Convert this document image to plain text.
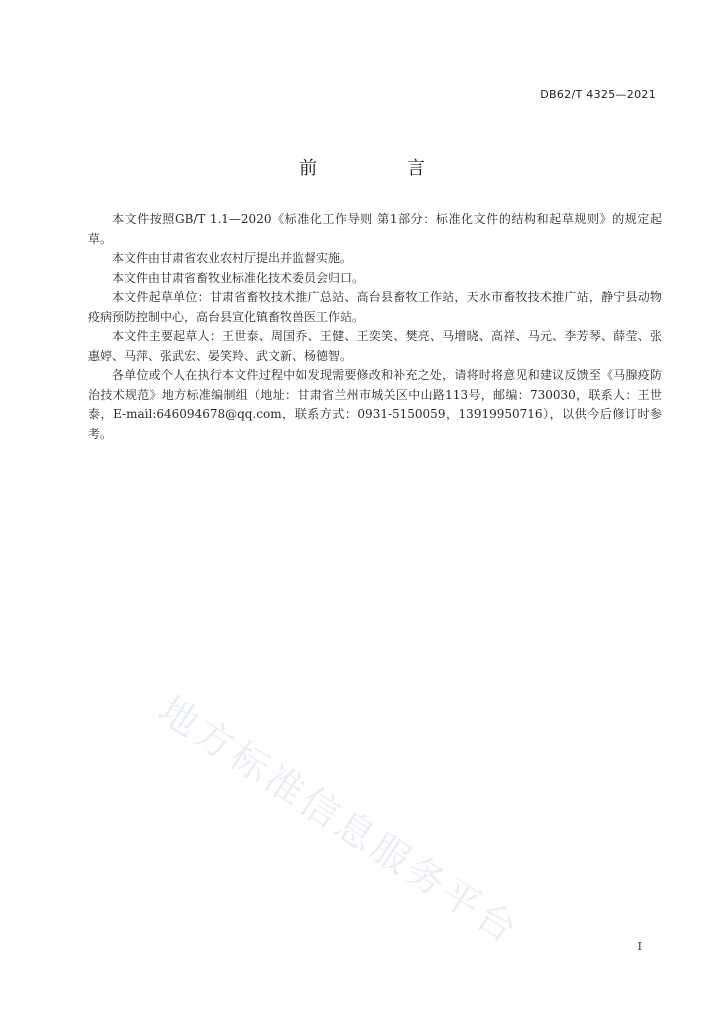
DB62/T 4325—2021
前 言

本文件按照GB/T 1.1—2020《标准化工作导则 第1部分：标准化文件的结构和起草规则》的规定起草。

本文件由甘肃省农业农村厅提出并监督实施。

本文件由甘肃省畜牧业标准化技术委员会归口。

本文件起草单位：甘肃省畜牧技术推广总站、高台县畜牧工作站，天水市畜牧技术推广站，静宁县动物疫病预防控制中心，高台县宣化镇畜牧兽医工作站。

本文件主要起草人：王世泰、周国乔、王健、王奕笑、樊亮、马增晓、高祥、马元、李芳琴、薛莹、张惠婷、马萍、张武宏、晏笑羚、武文新、杨德智。

各单位或个人在执行本文件过程中如发现需要修改和补充之处，请将时将意见和建议反馈至《马腺疫防治技术规范》地方标准编制组（地址：甘肃省兰州市城关区中山路113号，邮编：730030，联系人：王世泰，E-mail:646094678@qq.com，联系方式：0931-5150059，13919950716），以供今后修订时参考。

地方标准信息服务平台	I
